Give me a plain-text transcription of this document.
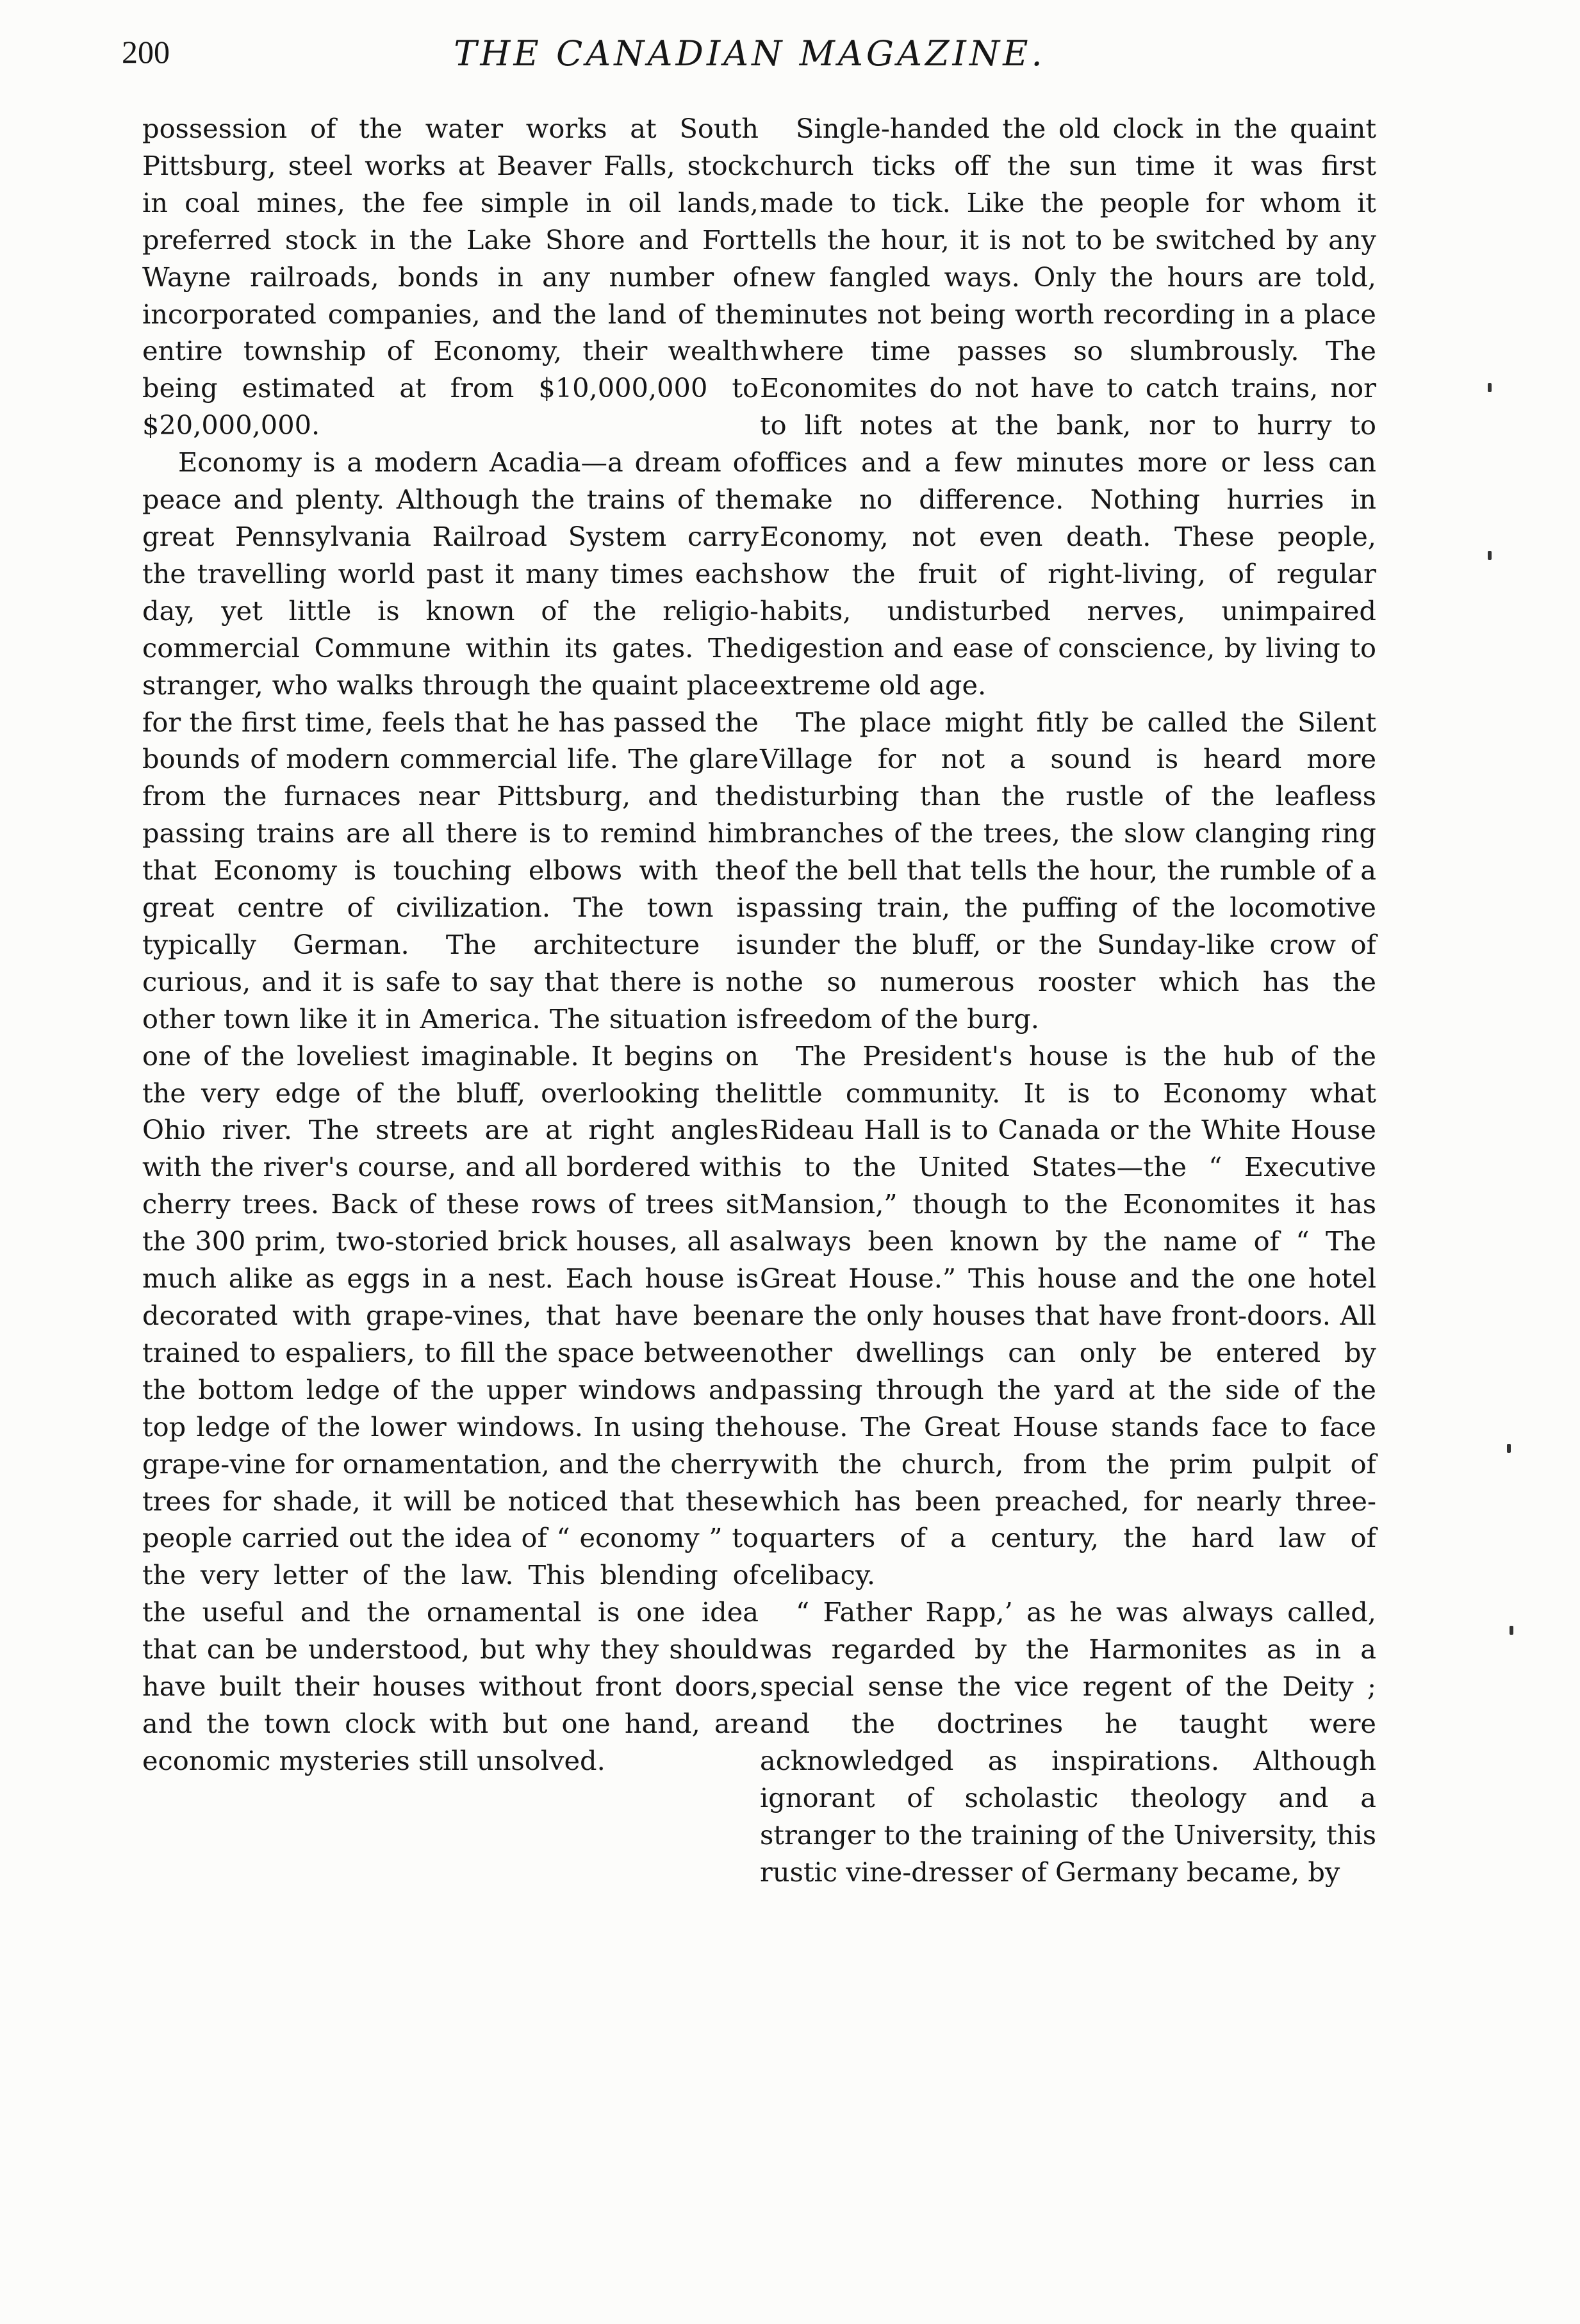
200	THE CANADIAN MAGAZINE.

possession of the water works at South Pittsburg, steel works at Beaver Falls, stock in coal mines, the fee simple in oil lands, preferred stock in the Lake Shore and Fort Wayne railroads, bonds in any number of incorporated companies, and the land of the entire township of Economy, their wealth being estimated at from $10,000,000 to $20,000,000.

Economy is a modern Acadia—a dream of peace and plenty. Although the trains of the great Pennsylvania Railroad System carry the travelling world past it many times each day, yet little is known of the religio-commercial Commune within its gates. The stranger, who walks through the quaint place for the first time, feels that he has passed the bounds of modern commercial life. The glare from the furnaces near Pittsburg, and the passing trains are all there is to remind him that Economy is touching elbows with the great centre of civilization. The town is typically German. The architecture is curious, and it is safe to say that there is no other town like it in America. The situation is one of the loveliest imaginable. It begins on the very edge of the bluff, overlooking the Ohio river. The streets are at right angles with the river's course, and all bordered with cherry trees. Back of these rows of trees sit the 300 prim, two-storied brick houses, all as much alike as eggs in a nest. Each house is decorated with grape-vines, that have been trained to espaliers, to fill the space between the bottom ledge of the upper windows and top ledge of the lower windows. In using the grape-vine for ornamentation, and the cherry trees for shade, it will be noticed that these people carried out the idea of “ economy ” to the very letter of the law. This blending of the useful and the ornamental is one idea that can be understood, but why they should have built their houses without front doors, and the town clock with but one hand, are economic mysteries still unsolved.

Single-handed the old clock in the quaint church ticks off the sun time it was first made to tick. Like the people for whom it tells the hour, it is not to be switched by any new fangled ways. Only the hours are told, minutes not being worth recording in a place where time passes so slumbrously. The Economites do not have to catch trains, nor to lift notes at the bank, nor to hurry to offices and a few minutes more or less can make no difference. Nothing hurries in Economy, not even death. These people, show the fruit of right-living, of regular habits, undisturbed nerves, unimpaired digestion and ease of conscience, by living to extreme old age.

The place might fitly be called the Silent Village for not a sound is heard more disturbing than the rustle of the leafless branches of the trees, the slow clanging ring of the bell that tells the hour, the rumble of a passing train, the puffing of the locomotive under the bluff, or the Sunday-like crow of the so numerous rooster which has the freedom of the burg.

The President's house is the hub of the little community. It is to Economy what Rideau Hall is to Canada or the White House is to the United States—the “ Executive Mansion,” though to the Economites it has always been known by the name of “ The Great House.” This house and the one hotel are the only houses that have front-doors. All other dwellings can only be entered by passing through the yard at the side of the house. The Great House stands face to face with the church, from the prim pulpit of which has been preached, for nearly three-quarters of a century, the hard law of celibacy.

“ Father Rapp,’ as he was always called, was regarded by the Harmonites as in a special sense the vice regent of the Deity ; and the doctrines he taught were acknowledged as inspirations. Although ignorant of scholastic theology and a stranger to the training of the University, this rustic vine-dresser of Germany became, by
